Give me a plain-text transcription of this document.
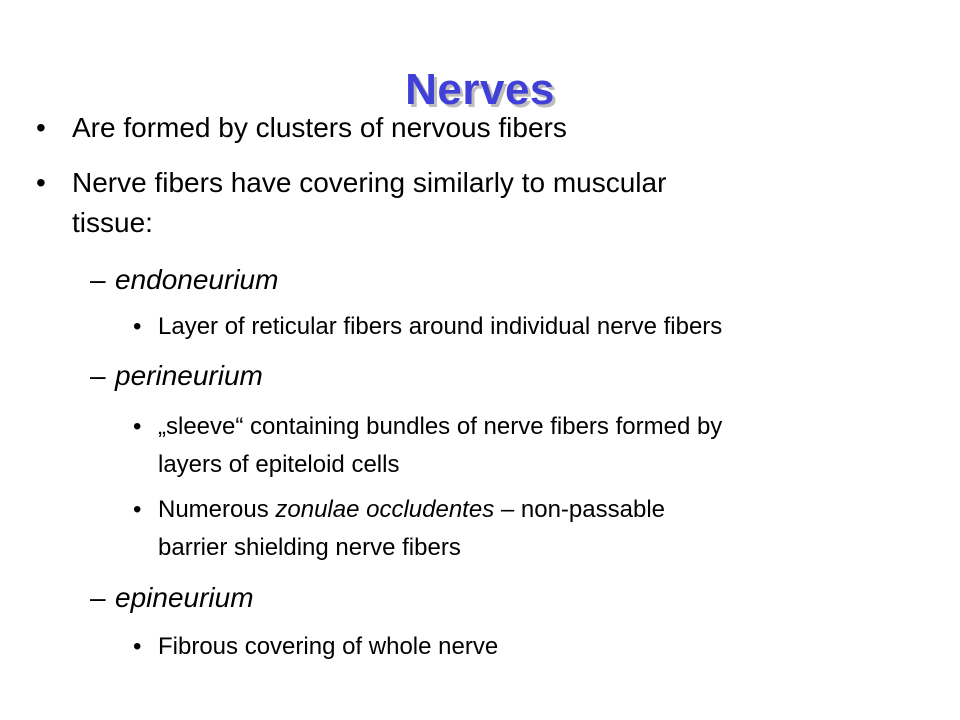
Nerves
• Are formed by clusters of nervous fibers
• Nerve fibers have covering similarly to muscular
tissue:
– endoneurium
• Layer of reticular fibers around individual nerve fibers
– perineurium
• „sleeve“ containing bundles of nerve fibers formed by
layers of epiteloid cells
• Numerous zonulae occludentes – non-passable
barrier shielding nerve fibers
– epineurium
• Fibrous covering of whole nerve
